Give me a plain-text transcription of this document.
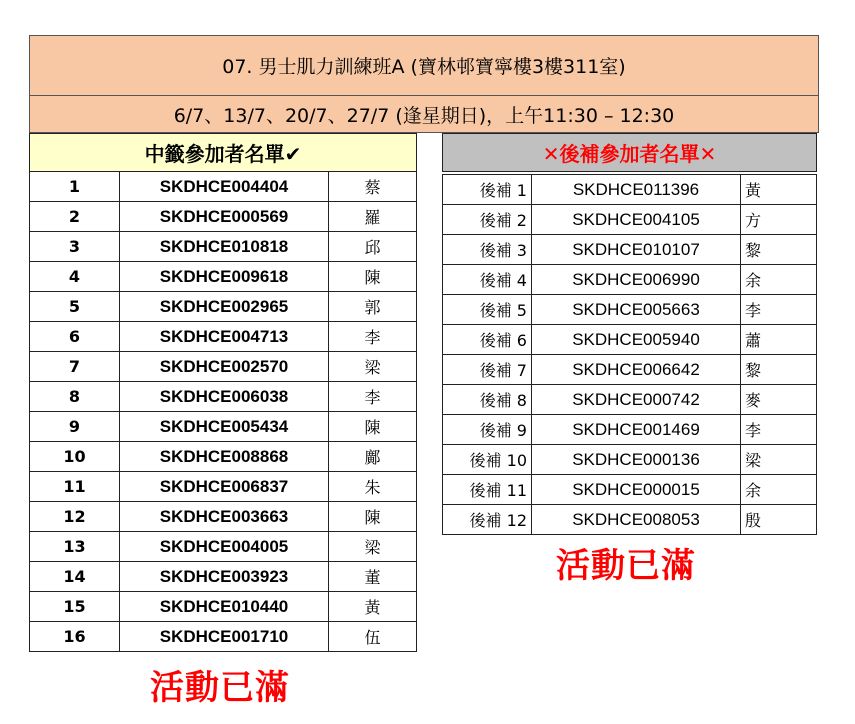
07. 男士肌力訓練班A (寶林邨寶寧樓3樓311室)
6/7、13/7、20/7、27/7 (逢星期日)，上午11:30 – 12:30
中籤參加者名單✔		
1	SKDHCE004404	蔡
2	SKDHCE000569	羅
3	SKDHCE010818	邱
4	SKDHCE009618	陳
5	SKDHCE002965	郭
6	SKDHCE004713	李
7	SKDHCE002570	梁
8	SKDHCE006038	李
9	SKDHCE005434	陳
10	SKDHCE008868	鄺
11	SKDHCE006837	朱
12	SKDHCE003663	陳
13	SKDHCE004005	梁
14	SKDHCE003923	董
15	SKDHCE010440	黃
16	SKDHCE001710	伍
✕後補參加者名單✕		

後補 1	SKDHCE011396	黃
後補 2	SKDHCE004105	方
後補 3	SKDHCE010107	黎
後補 4	SKDHCE006990	余
後補 5	SKDHCE005663	李
後補 6	SKDHCE005940	蕭
後補 7	SKDHCE006642	黎
後補 8	SKDHCE000742	麥
後補 9	SKDHCE001469	李
後補 10	SKDHCE000136	梁
後補 11	SKDHCE000015	余
後補 12	SKDHCE008053	殷
活動已滿
活動已滿
